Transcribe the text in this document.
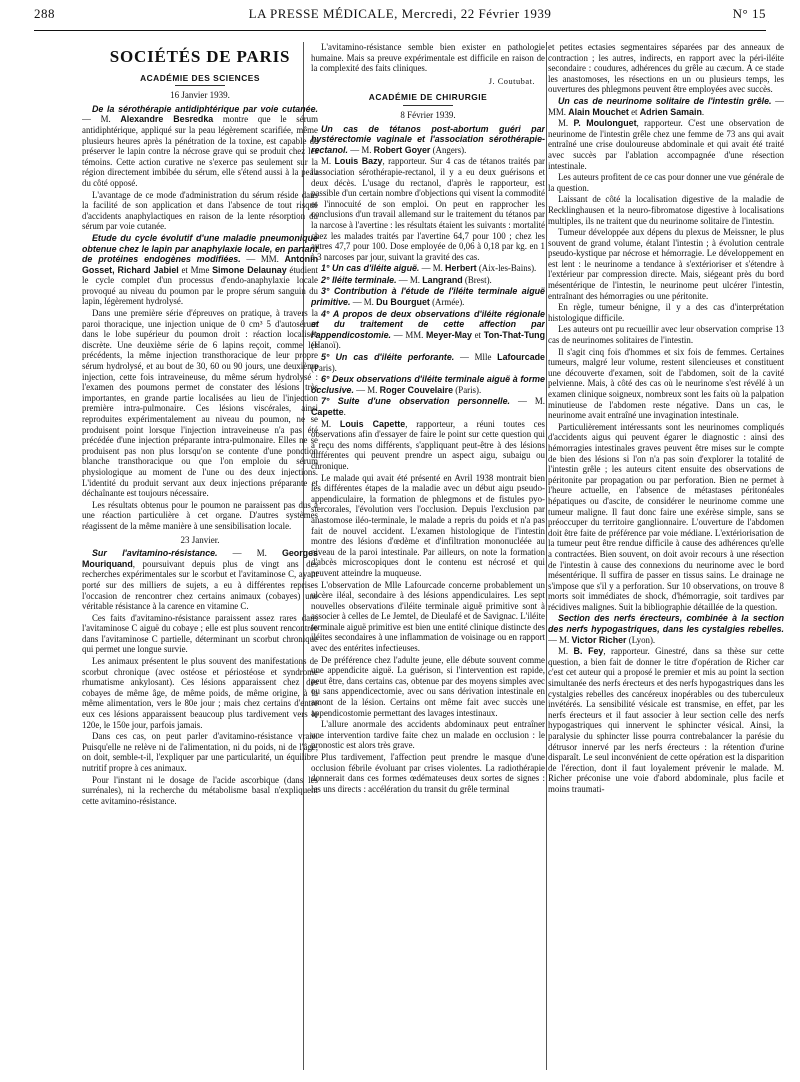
288	LA PRESSE MÉDICALE, Mercredi, 22 Février 1939	N° 15
SOCIÉTÉS DE PARIS
ACADÉMIE DES SCIENCES
16 Janvier 1939.

De la sérothérapie antidiphtérique par voie cutanée. — M. Alexandre Besredka montre que le sérum antidiphtérique, appliqué sur la peau légèrement scarifiée, même plusieurs heures après la pénétration de la toxine, est capable de préserver le lapin contre la nécrose grave qui se produit chez les témoins. Cette action curative ne s'exerce pas seulement sur la région directement imbibée du sérum, elle s'étend aussi à la peau du côté opposé.

L'avantage de ce mode d'administration du sérum réside dans la facilité de son application et dans l'absence de tout risque d'accidents anaphylactiques en raison de la lente résorption du sérum par voie cutanée.

Etude du cycle évolutif d'une maladie pneumonique obtenue chez le lapin par anaphylaxie locale, en partant de protéines endogènes modifiées. — MM. Antonin Gosset, Richard Jabiel et Mme Simone Delaunay étudient le cycle complet d'un processus d'endo-anaphylaxie locale provoqué au niveau du poumon par le propre sérum sanguin du lapin, légèrement hydrolysé.

Dans une première série d'épreuves on pratique, à travers la paroi thoracique, une injection unique de 0 cm³ 5 d'autosérum dans le lobe supérieur du poumon droit : réaction localisée discrète. Une deuxième série de 6 lapins reçoit, comme les précédents, la même injection transthoracique de leur propre sérum hydrolysé, et au bout de 30, 60 ou 90 jours, une deuxième injection, cette fois intraveineuse, du même sérum hydrolysé : l'examen des poumons permet de constater des lésions très importantes, en grande partie localisées au lieu de l'injection première intra-pulmonaire. Ces lésions viscérales, ainsi reproduites expérimentalement au niveau du poumon, ne se produisent point lorsque l'injection intraveineuse n'a pas été précédée d'une injection préparante intra-pulmonaire. Elles ne se produisent pas non plus lorsqu'on se contente d'une ponction blanche transthoracique ou que l'on emploie du sérum physiologique au moment de l'une ou des deux injections. L'identité du produit servant aux deux injections préparante et déchaînante est toujours nécessaire.

Les résultats obtenus pour le poumon ne paraissent pas dus à une réaction particulière à cet organe. D'autres systèmes réagissent de la même manière à une sensibilisation locale.

23 Janvier.

Sur l'avitamino-résistance. — M. Georges Mouriquand, poursuivant depuis plus de vingt ans des recherches expérimentales sur le scorbut et l'avitaminose C, ayant porté sur des milliers de sujets, a eu à différentes reprises l'occasion de rencontrer chez certains animaux (cobayes) une véritable résistance à la carence en vitamine C.

Ces faits d'avitamino-résistance paraissent assez rares dans l'avitaminose C aiguë du cobaye ; elle est plus souvent rencontrée dans l'avitaminose C partielle, déterminant un scorbut chronique qui permet une longue survie.

Les animaux présentent le plus souvent des manifestations de scorbut chronique (avec ostéose et périostéose et syndrome rhumatisme ankylosant). Ces lésions apparaissent chez des cobayes de même âge, de même poids, de même origine, à la même alimentation, vers le 80e jour ; mais chez certains d'entre eux ces lésions apparaissent beaucoup plus tardivement vers le 120e, le 150e jour, parfois jamais.

Dans ces cas, on peut parler d'avitamino-résistance vraie. Puisqu'elle ne relève ni de l'alimentation, ni du poids, ni de l'âge, on doit, semble-t-il, l'expliquer par une particularité, un équilibre nutritif propre à ces animaux.

Pour l'instant ni le dosage de l'acide ascorbique (dans les surrénales), ni la recherche du métabolisme basal n'expliquent cette avitamino-résistance.

L'avitamino-résistance semble bien exister en pathologie humaine. Mais sa preuve expérimentale est difficile en raison de la complexité des faits cliniques.

J. Coutubat.
ACADÉMIE DE CHIRURGIE
8 Février 1939.

Un cas de tétanos post-abortum guéri par hystérectomie vaginale et l'association sérothérapie-rectanol. — M. Robert Goyer (Angers).

M. Louis Bazy, rapporteur. Sur 4 cas de tétanos traités par l'association sérothérapie-rectanol, il y a eu deux guérisons et deux décès. L'usage du rectanol, d'après le rapporteur, est passible d'un certain nombre d'objections qui visent la commodité et l'innocuité de son emploi. On peut en rapprocher les conclusions d'un travail allemand sur le traitement du tétanos par la narcose à l'avertine : les résultats étaient les suivants : mortalité chez les malades traités par l'avertine 64,7 pour 100 ; chez les autres 47,7 pour 100. Dose employée de 0,06 à 0,18 par kg. en 1 à 3 narcoses par jour, suivant la gravité des cas.

1° Un cas d'iléite aiguë. — M. Herbert (Aix-les-Bains).

2° Iléite terminale. — M. Langrand (Brest).

3° Contribution à l'étude de l'iléite terminale aiguë primitive. — M. Du Bourguet (Armée).

4° A propos de deux observations d'iléite régionale et du traitement de cette affection par l'appendicostomie. — MM. Meyer-May et Ton-That-Tung (Hanoï).

5° Un cas d'iléite perforante. — Mlle Lafourcade (Paris).

6° Deux observations d'iléite terminale aiguë à forme occlusive. — M. Roger Couvelaire (Paris).

7° Suite d'une observation personnelle. — M. Capette.

M. Louis Capette, rapporteur, a réuni toutes ces observations afin d'essayer de faire le point sur cette question qui a reçu des noms différents, s'appliquant peut-être à des lésions différentes qui peuvent prendre un aspect aigu, subaigu ou chronique.

Le malade qui avait été présenté en Avril 1938 montrait bien les différentes étapes de la maladie avec un début aigu pseudo-appendiculaire, la formation de phlegmons et de fistules pyo-stercorales, l'évolution vers l'occlusion. Depuis l'exclusion par anastomose iléo-terminale, le malade a repris du poids et n'a pas fait de nouvel accident. L'examen histologique de l'intestin montre des lésions d'œdème et d'infiltration mononucléée au niveau de la paroi intestinale. Par ailleurs, on note la formation d'abcès microscopiques dont le contenu est nécrosé et qui peuvent atteindre la muqueuse.

L'observation de Mlle Lafourcade concerne probablement un ulcère iléal, secondaire à des lésions appendiculaires. Les sept nouvelles observations d'iléite terminale aiguë primitive sont à associer à celles de Le Jemtel, de Dieulafé et de Savignac. L'iléite terminale aiguë primitive est bien une entité clinique distincte des iléites secondaires à une inflammation de voisinage ou en rapport avec des entérites infectieuses.

De préférence chez l'adulte jeune, elle débute souvent comme une appendicite aiguë. La guérison, si l'intervention est rapide, peut être, dans certains cas, obtenue par des moyens simples avec ou sans appendicectomie, avec ou sans dérivation intestinale en amont de la lésion. Certains ont même fait avec succès une appendicostomie permettant des lavages intestinaux.

L'allure anormale des accidents abdominaux peut entraîner une intervention tardive faite chez un malade en occlusion : le pronostic est alors très grave.

Plus tardivement, l'affection peut prendre le masque d'une occlusion fébrile évoluant par crises violentes. La radiothérapie donnerait dans ces formes œdémateuses deux sortes de signes : les uns directs : accélération du transit du grêle terminal

et petites ectasies segmentaires séparées par des anneaux de contraction ; les autres, indirects, en rapport avec la péri-iléite secondaire : coudures, adhérences du grêle au cæcum. A ce stade les anastomoses, les résections en un ou plusieurs temps, les ouvertures des phlegmons peuvent être employées avec succès.

Un cas de neurinome solitaire de l'intestin grêle. — MM. Alain Mouchet et Adrien Samain.

M. P. Moulonguet, rapporteur. C'est une observation de neurinome de l'intestin grêle chez une femme de 73 ans qui avait entraîné une crise douloureuse abdominale et qui avait été traité avec succès par l'ablation accompagnée d'une résection intestinale.

Les auteurs profitent de ce cas pour donner une vue générale de la question.

Laissant de côté la localisation digestive de la maladie de Recklinghausen et la neuro-fibromatose digestive à localisations multiples, ils ne traitent que du neurinome solitaire de l'intestin.

Tumeur développée aux dépens du plexus de Meissner, le plus souvent de grand volume, étalant l'intestin ; à évolution centrale pseudo-kystique par nécrose et hémorragie. Le développement en est lent : le neurinome a tendance à s'extérioriser et s'étendre à l'extérieur par compression directe. Mais, siégeant près du bord mésentérique de l'intestin, le neurinome peut ulcérer l'intestin, entraînant des hémorragies ou une péritonite.

En règle, tumeur bénigne, il y a des cas d'interprétation histologique difficile.

Les auteurs ont pu recueillir avec leur observation comprise 13 cas de neurinomes solitaires de l'intestin.

Il s'agit cinq fois d'hommes et six fois de femmes. Certaines tumeurs, malgré leur volume, restent silencieuses et constituent une découverte d'examen, soit de l'abdomen, soit de la cavité pelvienne. Mais, à côté des cas où le neurinome s'est révélé à un examen clinique soigneux, nombreux sont les faits où la palpation minutieuse de l'abdomen reste négative. Dans un cas, le neurinome avait entraîné une invagination intestinale.

Particulièrement intéressants sont les neurinomes compliqués d'accidents aigus qui peuvent égarer le diagnostic : ainsi des hémorragies intestinales graves peuvent être mises sur le compte de bien des lésions si l'on n'a pas soin d'explorer la totalité de l'intestin grêle ; les auteurs citent ensuite des observations de péritonite par propagation ou par perforation. Bien ne permet à l'heure actuelle, en l'absence de métastases péritonéales hépatiques ou d'ascite, de considérer le neurinome comme une tumeur maligne. Il faut donc faire une exérèse simple, sans se préoccuper du territoire ganglionnaire. L'ouverture de l'abdomen doit être faite de préférence par voie médiane. L'extériorisation de la tumeur peut être rendue difficile à cause des adhérences qu'elle a contractées. Bien souvent, on doit avoir recours à une résection de l'intestin à cause des connexions du neurinome avec le bord mésentérique. Il suffira de passer en tissus sains. Le drainage ne s'impose que s'il y a perforation. Sur 10 observations, on trouve 8 morts soit immédiates de shock, d'hémorragie, soit tardives par récidives malignes. Suit la bibliographie détaillée de la question.

Section des nerfs érecteurs, combinée à la section des nerfs hypogastriques, dans les cystalgies rebelles. — M. Victor Richer (Lyon).

M. B. Fey, rapporteur. Ginestré, dans sa thèse sur cette question, a bien fait de donner le titre d'opération de Richer car c'est cet auteur qui a proposé le premier et mis au point la section simultanée des nerfs érecteurs et des nerfs hypogastriques dans les cystalgies rebelles des cancéreux inopérables ou des tuberculeux invétérés. La sensibilité vésicale est transmise, en effet, par les nerfs érecteurs et il faut associer à leur section celle des nerfs hypogastriques qui innervent le sphincter vésical. Ainsi, la paralysie du sphincter lisse pourra contrebalancer la parésie du détrusor innervé par les nerfs érecteurs : la rétention d'urine disparaît. Le seul inconvénient de cette opération est la disparition de l'érection, dont il faut loyalement prévenir le malade. M. Richer préconise une voie d'abord abdominale, plus facile et moins traumati-
